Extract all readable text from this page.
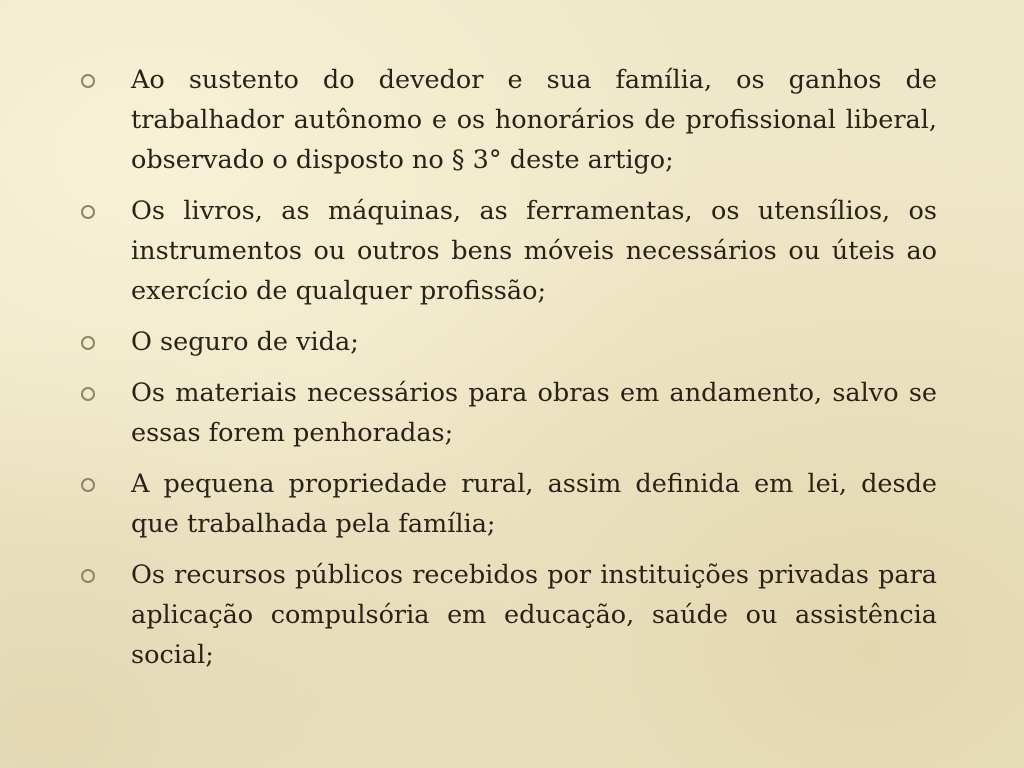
Ao sustento do devedor e sua família, os ganhos de trabalhador autônomo e os honorários de profissional liberal, observado o disposto no § 3° deste artigo;
Os livros, as máquinas, as ferramentas, os utensílios, os instrumentos ou outros bens móveis necessários ou úteis ao exercício de qualquer profissão;
O seguro de vida;
Os materiais necessários para obras em andamento, salvo se essas forem penhoradas;
A pequena propriedade rural, assim definida em lei, desde que trabalhada pela família;
Os recursos públicos recebidos por instituições privadas para aplicação compulsória em educação, saúde ou assistência social;
